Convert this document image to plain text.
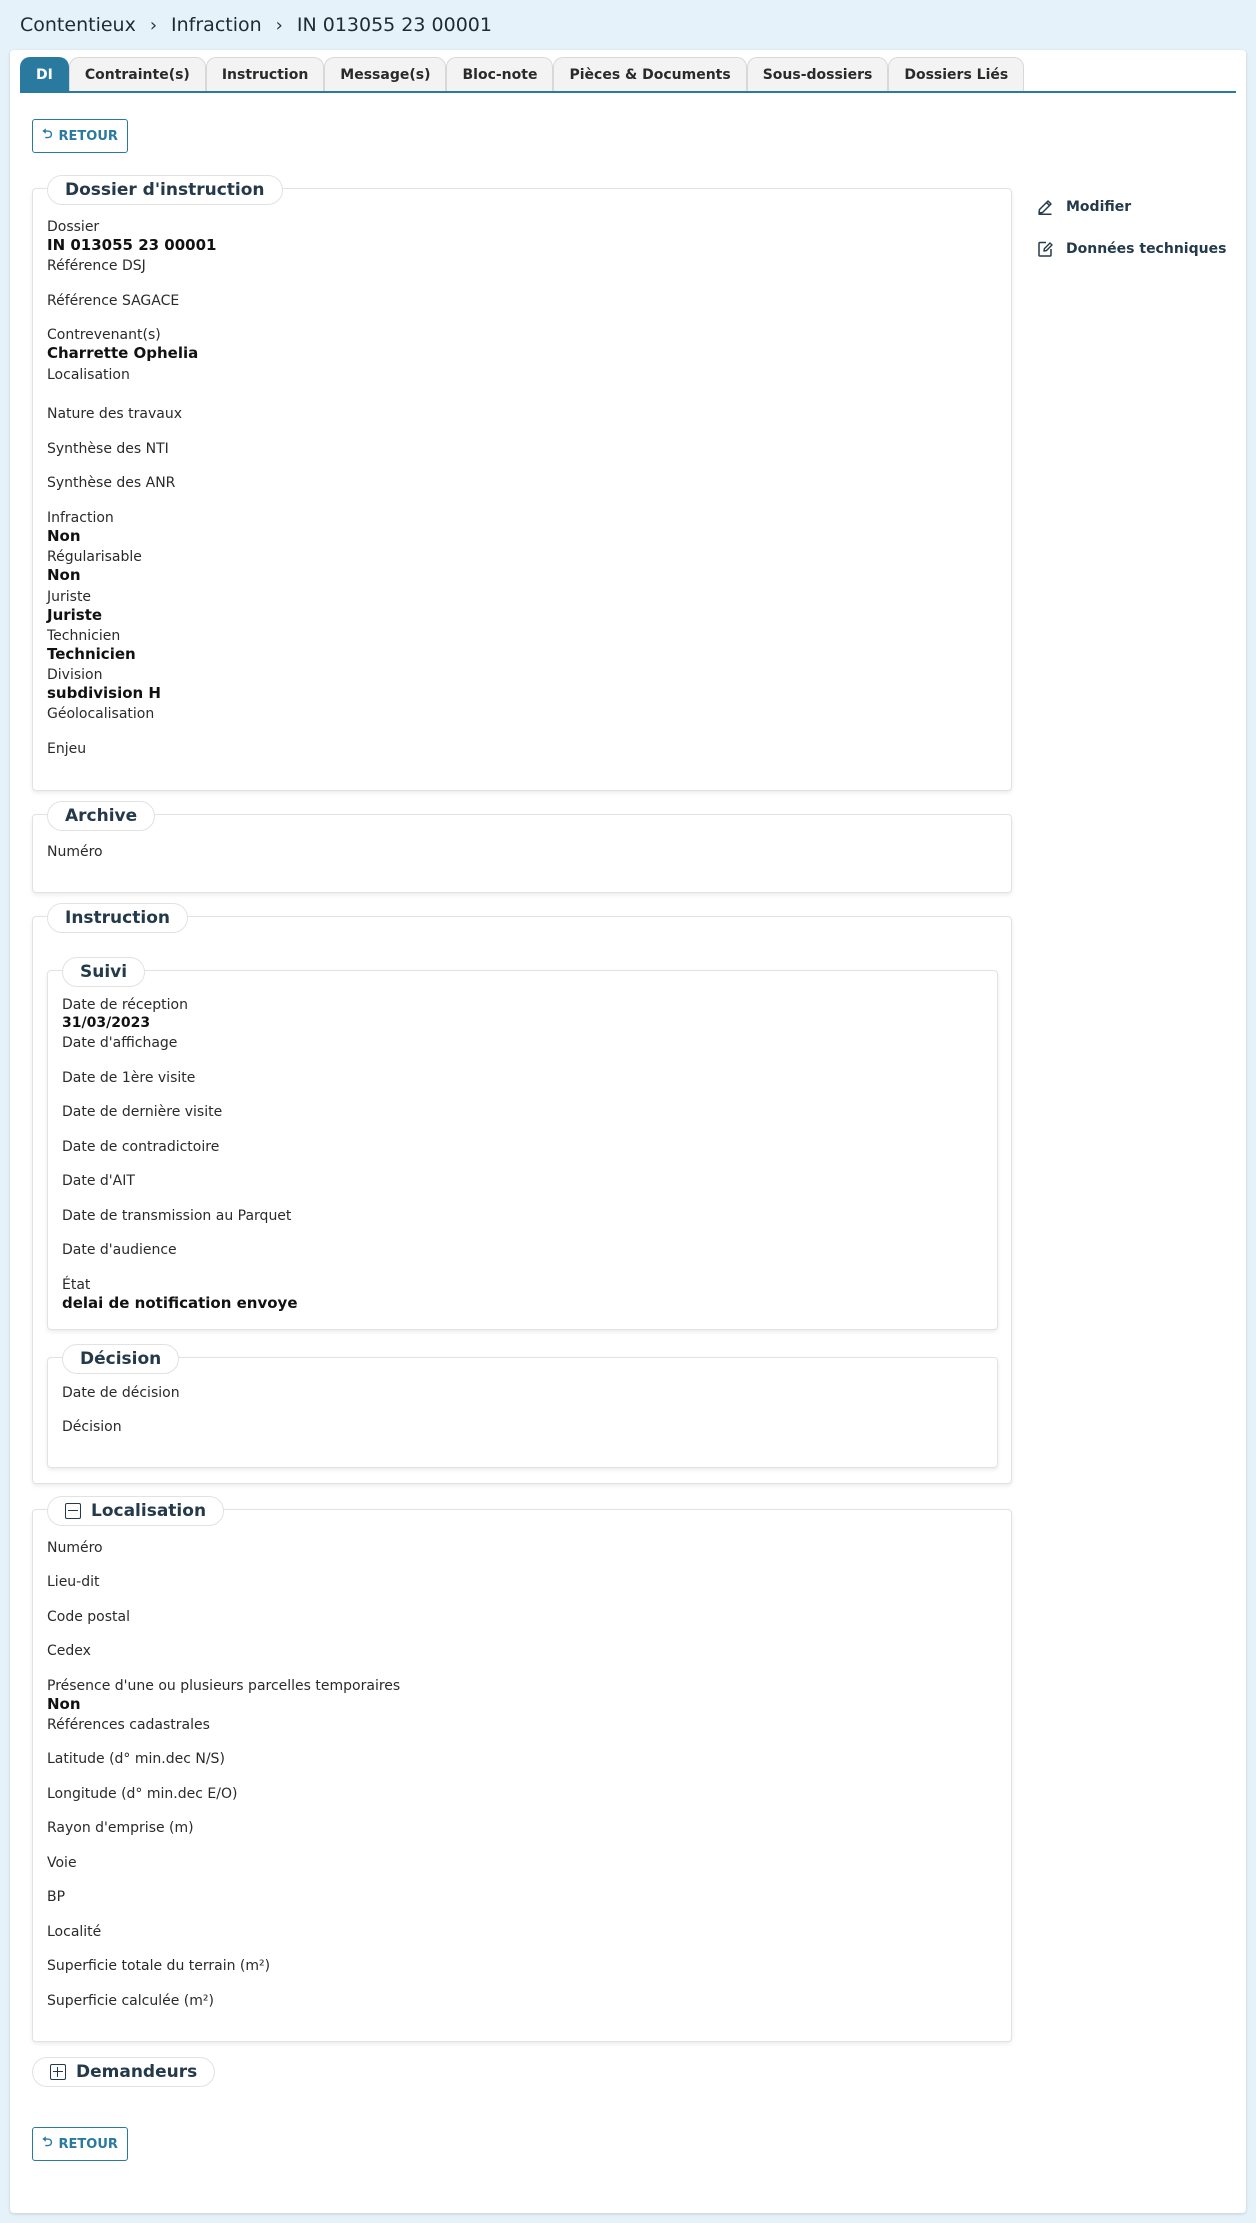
Contentieux › Infraction › IN 013055 23 00001
DI	Contrainte(s)	Instruction	Message(s)	Bloc-note	Pièces & Documents	Sous-dossiers	Dossiers Liés
⮌ RETOUR
Modifier
Données techniques
Dossier d'instruction
Dossier
IN 013055 23 00001
Référence DSJ
Référence SAGACE
Contrevenant(s)
Charrette Ophelia
Localisation
Nature des travaux
Synthèse des NTI
Synthèse des ANR
Infraction
Non
Régularisable
Non
Juriste
Juriste
Technicien
Technicien
Division
subdivision H
Géolocalisation
Enjeu
Archive
Numéro
Instruction
Suivi
Date de réception
31/03/2023
Date d'affichage
Date de 1ère visite
Date de dernière visite
Date de contradictoire
Date d'AIT
Date de transmission au Parquet
Date d'audience
État
delai de notification envoye
Décision
Date de décision
Décision
Localisation
Numéro
Lieu-dit
Code postal
Cedex
Présence d'une ou plusieurs parcelles temporaires
Non
Références cadastrales
Latitude (d° min.dec N/S)
Longitude (d° min.dec E/O)
Rayon d'emprise (m)
Voie
BP
Localité
Superficie totale du terrain (m²)
Superficie calculée (m²)
Demandeurs
⮌ RETOUR
